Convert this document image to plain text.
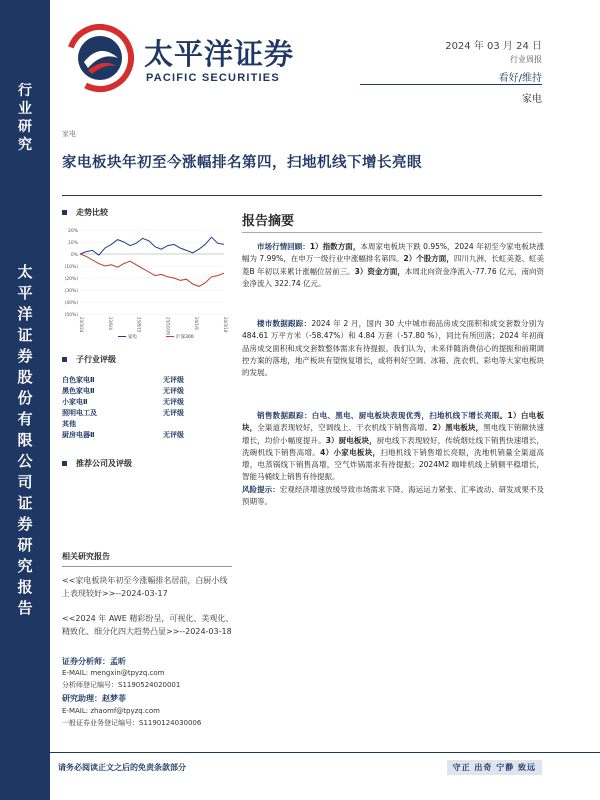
行
业
研
究
太
平
洋
证
券
股
份
有
限
公
司
证
券
研
究
报
告
太平洋证券
PACIFIC SECURITIES
2024 年 03 月 24 日
行业周报
看好/维持
家电
家电
家电板块年初至今涨幅排名第四，扫地机线下增长亮眼
走势比较
20%
10%
0%
(10%)
(20%)
(30%)
(40%)
(50%)
23/3/24	23/6/4	23/8/15	23/10/26	24/1/6	24/3/18
家电	沪深300
子行业评级
白色家电Ⅱ	无评级
黑色家电Ⅱ	无评级
小家电Ⅱ	无评级
照明电工及	无评级
其他
厨房电器Ⅱ	无评级
推荐公司及评级
相关研究报告
<<家电板块年初至今涨幅排名居前，白厨小线上表现较好>>--2024-03-17
<<2024 年 AWE 精彩纷呈，可视化、美观化、精致化、细分化四大趋势凸显>>--2024-03-18
证券分析师：孟昕
E-MAIL: mengxin@tpyzq.com
分析师登记编号：S1190524020001
研究助理：赵梦菲
E-MAIL: zhaomf@tpyzq.com
一般证券业务登记编号：S1190124030006
报告摘要
市场行情回顾：1）指数方面，本周家电板块下跌 0.95%，2024 年初至今家电板块涨幅为 7.99%，在申万一级行业中涨幅排名第四。2）个股方面，四川九洲、长虹美菱、虹美菱B 年初以来累计涨幅位居前三。3）资金方面，本周北向资金净流入-77.76 亿元，南向资金净流入 322.74 亿元。
楼市数据跟踪：2024 年 2 月，国内 30 大中城市商品房成交面积和成交套数分别为 484.61 万平方米（-58.47%）和 4.84 万套（-57.80 %），同比有所回落；2024 年初商品房成交面积和成交套数整体需求有待提振。我们认为，未来伴随消费信心的提振和前期调控方案的落地，地产板块有望恢复增长，或将利好空调、冰箱、洗衣机、彩电等大家电板块的发展。
销售数据跟踪：白电、黑电、厨电板块表现优秀，扫地机线下增长亮眼。1）白电板块，全渠道表现较好，空调线上、干衣机线下销售高增。2）黑电板块，黑电线下销额快速增长，均价小幅度提升。3）厨电板块，厨电线下表现较好，传统烟灶线下销售快速增长，洗碗机线下销售高增。4）小家电板块，扫地机线下销售增长亮眼，洗地机销量全渠道高增，电蒸锅线下销售高增，空气炸锅需求有待提振；2024M2 咖啡机线上销额平稳增长，智能马桶线上销售有待提振。
风险提示：宏观经济增速放缓导致市场需求下降、海运运力紧张、汇率波动、研发成果不及预期等。
请务必阅读正文之后的免责条款部分	守正 出奇 宁静 致远
